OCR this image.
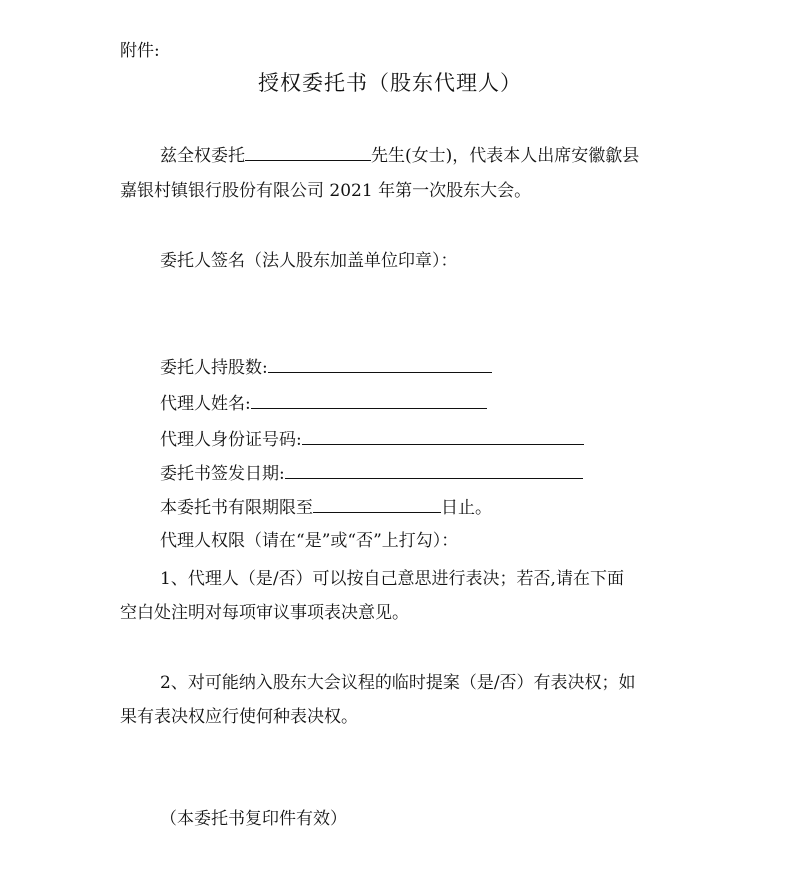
附件:
授权委托书（股东代理人）
兹全权委托	先生(女士)，代表本人出席安徽歙县
嘉银村镇银行股份有限公司 2021 年第一次股东大会。
委托人签名（法人股东加盖单位印章）：
委托人持股数:
代理人姓名:
代理人身份证号码:
委托书签发日期:
本委托书有限期限至	日止。
代理人权限（请在“是”或“否”上打勾）：
1、代理人（是/否）可以按自己意思进行表决；若否,请在下面
空白处注明对每项审议事项表决意见。
2、对可能纳入股东大会议程的临时提案（是/否）有表决权；如
果有表决权应行使何种表决权。
（本委托书复印件有效）
